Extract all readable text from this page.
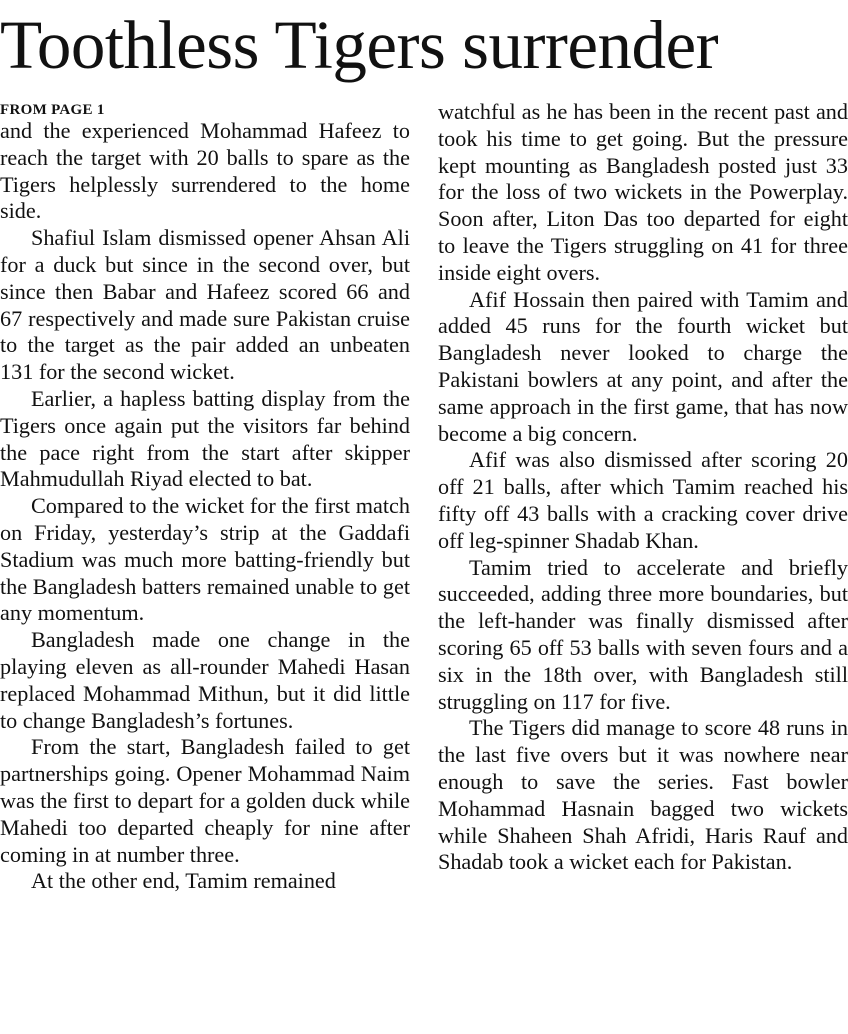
Toothless Tigers surrender
FROM PAGE 1

and the experienced Mohammad Hafeez to reach the target with 20 balls to spare as the Tigers helplessly surrendered to the home side.

Shafiul Islam dismissed opener Ahsan Ali for a duck but since in the second over, but since then Babar and Hafeez scored 66 and 67 respectively and made sure Pakistan cruise to the target as the pair added an unbeaten 131 for the second wicket.

Earlier, a hapless batting display from the Tigers once again put the visitors far behind the pace right from the start after skipper Mahmudullah Riyad elected to bat.

Compared to the wicket for the first match on Friday, yesterday’s strip at the Gaddafi Stadium was much more batting-friendly but the Bangladesh batters remained unable to get any momentum.

Bangladesh made one change in the playing eleven as all-rounder Mahedi Hasan replaced Mohammad Mithun, but it did little to change Bangladesh’s fortunes.

From the start, Bangladesh failed to get partnerships going. Opener Mohammad Naim was the first to depart for a golden duck while Mahedi too departed cheaply for nine after coming in at number three.

At the other end, Tamim remained

watchful as he has been in the recent past and took his time to get going. But the pressure kept mounting as Bangladesh posted just 33 for the loss of two wickets in the Powerplay. Soon after, Liton Das too departed for eight to leave the Tigers struggling on 41 for three inside eight overs.

Afif Hossain then paired with Tamim and added 45 runs for the fourth wicket but Bangladesh never looked to charge the Pakistani bowlers at any point, and after the same approach in the first game, that has now become a big concern.

Afif was also dismissed after scoring 20 off 21 balls, after which Tamim reached his fifty off 43 balls with a cracking cover drive off leg-spinner Shadab Khan.

Tamim tried to accelerate and briefly succeeded, adding three more boundaries, but the left-hander was finally dismissed after scoring 65 off 53 balls with seven fours and a six in the 18th over, with Bangladesh still struggling on 117 for five.

The Tigers did manage to score 48 runs in the last five overs but it was nowhere near enough to save the series. Fast bowler Mohammad Hasnain bagged two wickets while Shaheen Shah Afridi, Haris Rauf and Shadab took a wicket each for Pakistan.
